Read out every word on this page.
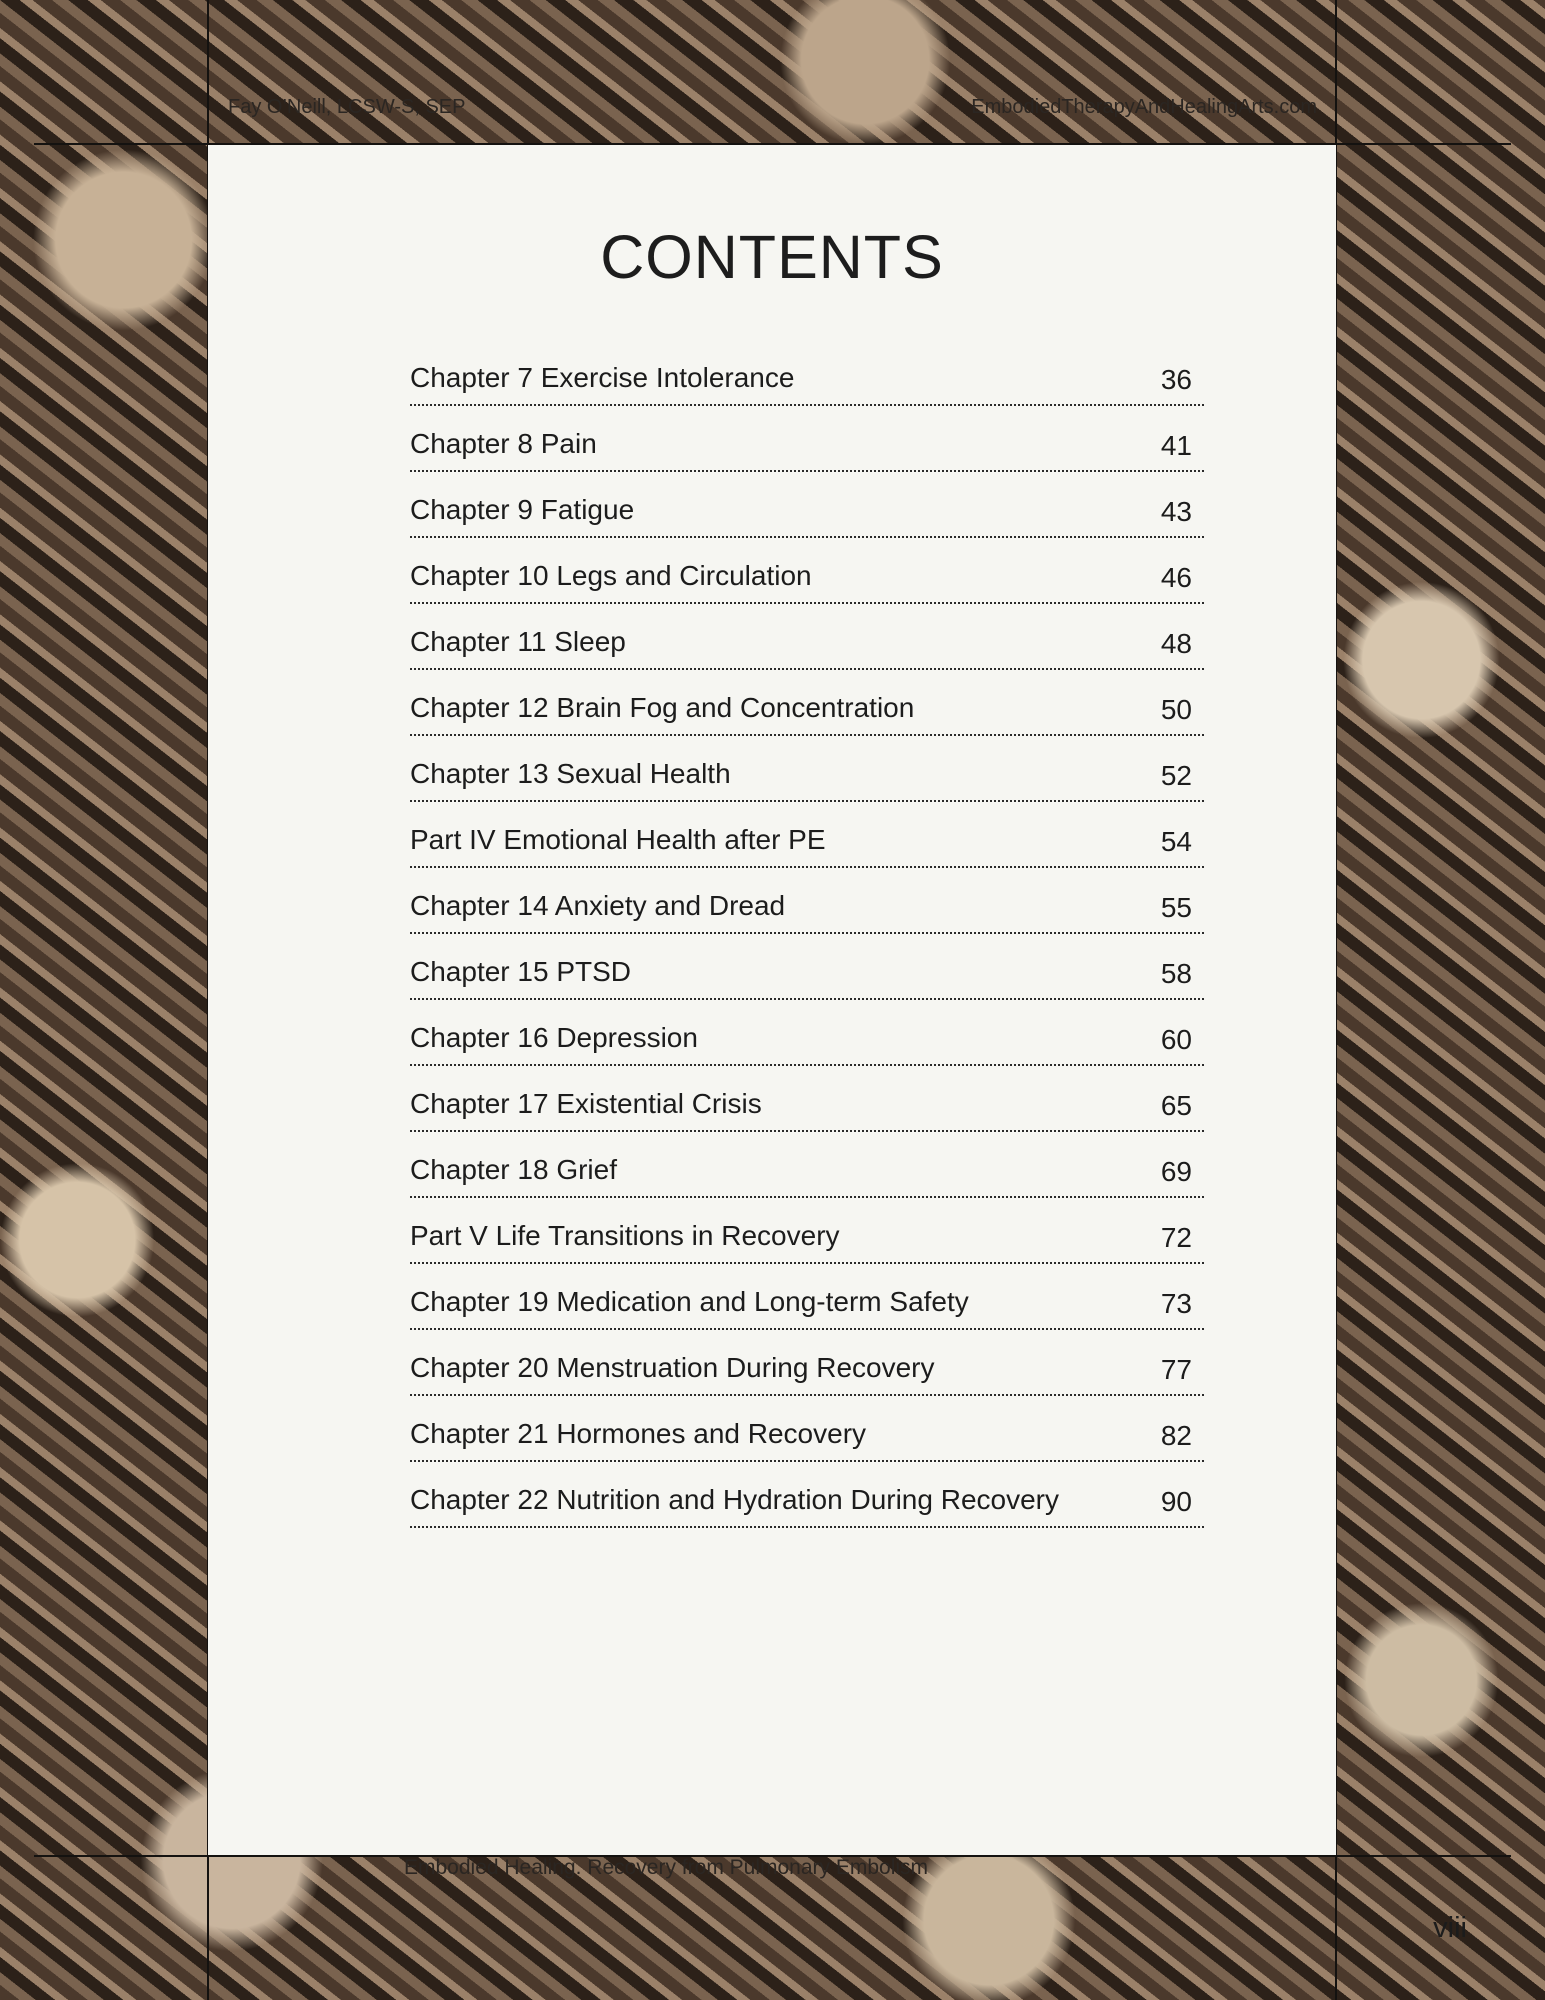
Fay O’Neill, LCSW-S, SEP	EmbodiedTherapyAndHealingArts.com
CONTENTS
Chapter 7 Exercise Intolerance	36
Chapter 8 Pain	41
Chapter 9 Fatigue	43
Chapter 10 Legs and Circulation	46
Chapter 11 Sleep	48
Chapter 12 Brain Fog and Concentration	50
Chapter 13 Sexual Health	52
Part IV Emotional Health after PE	54
Chapter 14 Anxiety and Dread	55
Chapter 15 PTSD	58
Chapter 16 Depression	60
Chapter 17 Existential Crisis	65
Chapter 18 Grief	69
Part V Life Transitions in Recovery	72
Chapter 19 Medication and Long-term Safety	73
Chapter 20 Menstruation During Recovery	77
Chapter 21 Hormones and Recovery	82
Chapter 22 Nutrition and Hydration During Recovery	90
Embodied Healing. Recovery from Pulmonary Embolism
viii
